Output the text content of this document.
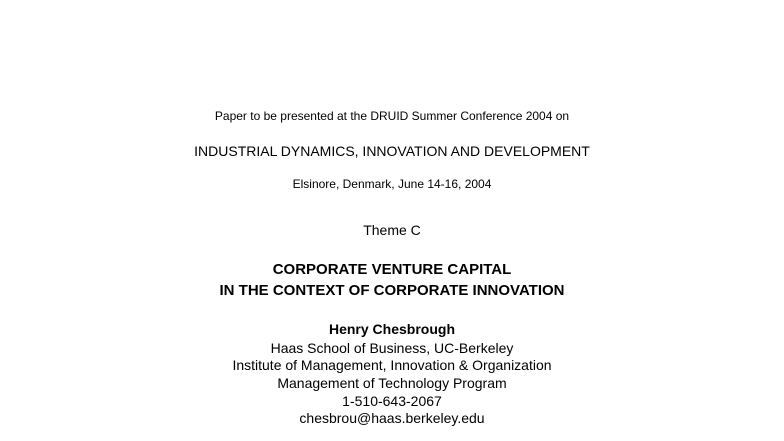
Paper to be presented at the DRUID Summer Conference 2004 on
INDUSTRIAL DYNAMICS, INNOVATION AND DEVELOPMENT
Elsinore, Denmark, June 14-16, 2004
Theme C
CORPORATE VENTURE CAPITAL
IN THE CONTEXT OF CORPORATE INNOVATION
Henry Chesbrough
Haas School of Business, UC-Berkeley
Institute of Management, Innovation & Organization
Management of Technology Program
1-510-643-2067
chesbrou@haas.berkeley.edu
